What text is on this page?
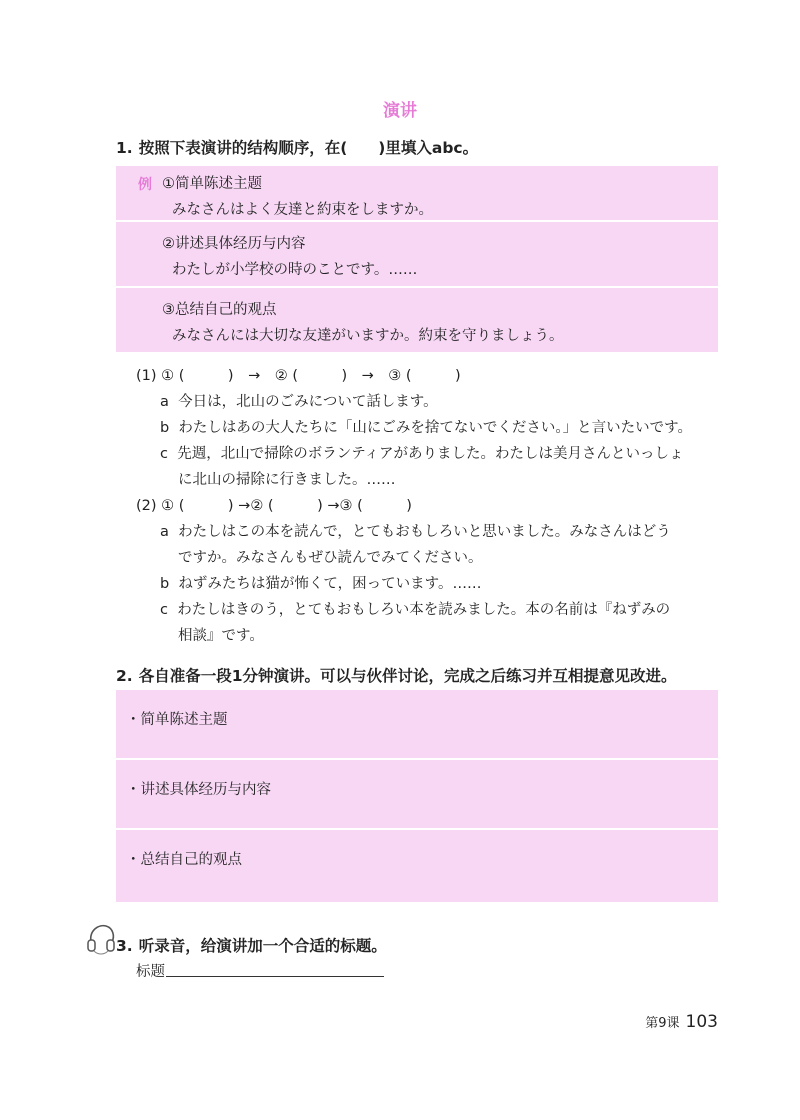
演讲
1. 按照下表演讲的结构顺序，在(　　)里填入abc。
例 ①简单陈述主题
みなさんはよく友達と約束をしますか。
②讲述具体经历与内容
わたしが小学校の時のことです。……
③总结自己的观点
みなさんには大切な友達がいますか。約束を守りましょう。
(1) ① (　　　)　→　② (　　　)　→　③ (　　　)
a  今日は，北山のごみについて話します。
b  わたしはあの大人たちに「山にごみを捨てないでください。」と言いたいです。
c  先週，北山で掃除のボランティアがありました。わたしは美月さんといっしょ
に北山の掃除に行きました。……
(2) ① (　　　) →② (　　　) →③ (　　　)
a  わたしはこの本を読んで，とてもおもしろいと思いました。みなさんはどう
ですか。みなさんもぜひ読んでみてください。
b  ねずみたちは猫が怖くて，困っています。……
c  わたしはきのう，とてもおもしろい本を読みました。本の名前は『ねずみの
相談』です。
2. 各自准备一段1分钟演讲。可以与伙伴讨论，完成之后练习并互相提意见改进。
・简单陈述主题
・讲述具体经历与内容
・总结自己的观点
3. 听录音，给演讲加一个合适的标题。
标题
第9课 103
